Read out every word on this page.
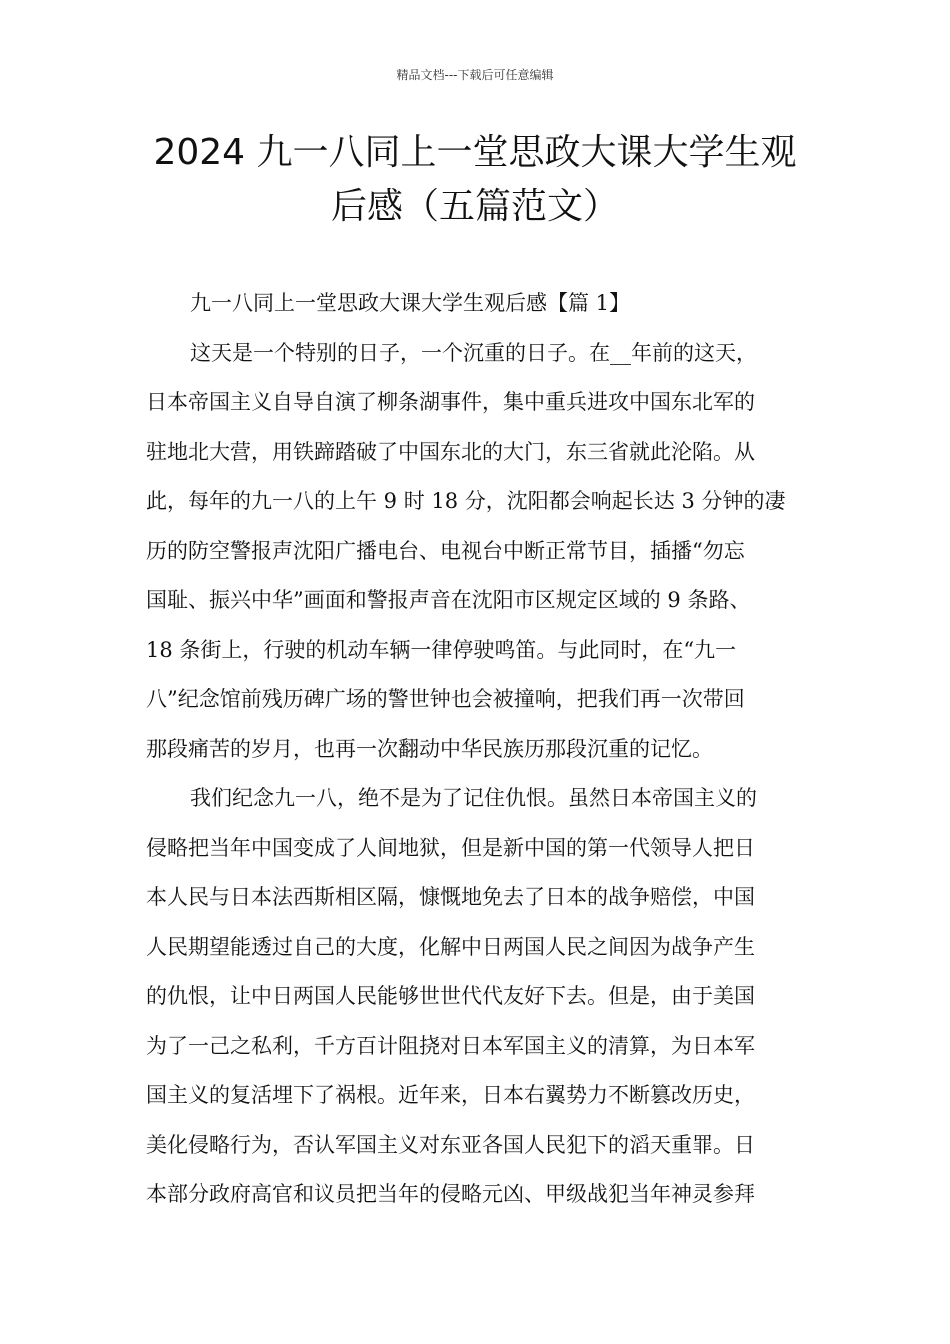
精品文档---下载后可任意编辑
2024 九一八同上一堂思政大课大学生观
后感（五篇范文）
九一八同上一堂思政大课大学生观后感【篇 1】
这天是一个特别的日子，一个沉重的日子。在__年前的这天，
日本帝国主义自导自演了柳条湖事件，集中重兵进攻中国东北军的
驻地北大营，用铁蹄踏破了中国东北的大门，东三省就此沦陷。从
此，每年的九一八的上午 9 时 18 分，沈阳都会响起长达 3 分钟的凄
历的防空警报声沈阳广播电台、电视台中断正常节目，插播“勿忘
国耻、振兴中华”画面和警报声音在沈阳市区规定区域的 9 条路、
18 条街上，行驶的机动车辆一律停驶鸣笛。与此同时，在“九一
八”纪念馆前残历碑广场的警世钟也会被撞响，把我们再一次带回
那段痛苦的岁月，也再一次翻动中华民族历那段沉重的记忆。
我们纪念九一八，绝不是为了记住仇恨。虽然日本帝国主义的
侵略把当年中国变成了人间地狱，但是新中国的第一代领导人把日
本人民与日本法西斯相区隔，慷慨地免去了日本的战争赔偿，中国
人民期望能透过自己的大度，化解中日两国人民之间因为战争产生
的仇恨，让中日两国人民能够世世代代友好下去。但是，由于美国
为了一己之私利，千方百计阻挠对日本军国主义的清算，为日本军
国主义的复活埋下了祸根。近年来，日本右翼势力不断篡改历史，
美化侵略行为，否认军国主义对东亚各国人民犯下的滔天重罪。日
本部分政府高官和议员把当年的侵略元凶、甲级战犯当年神灵参拜
